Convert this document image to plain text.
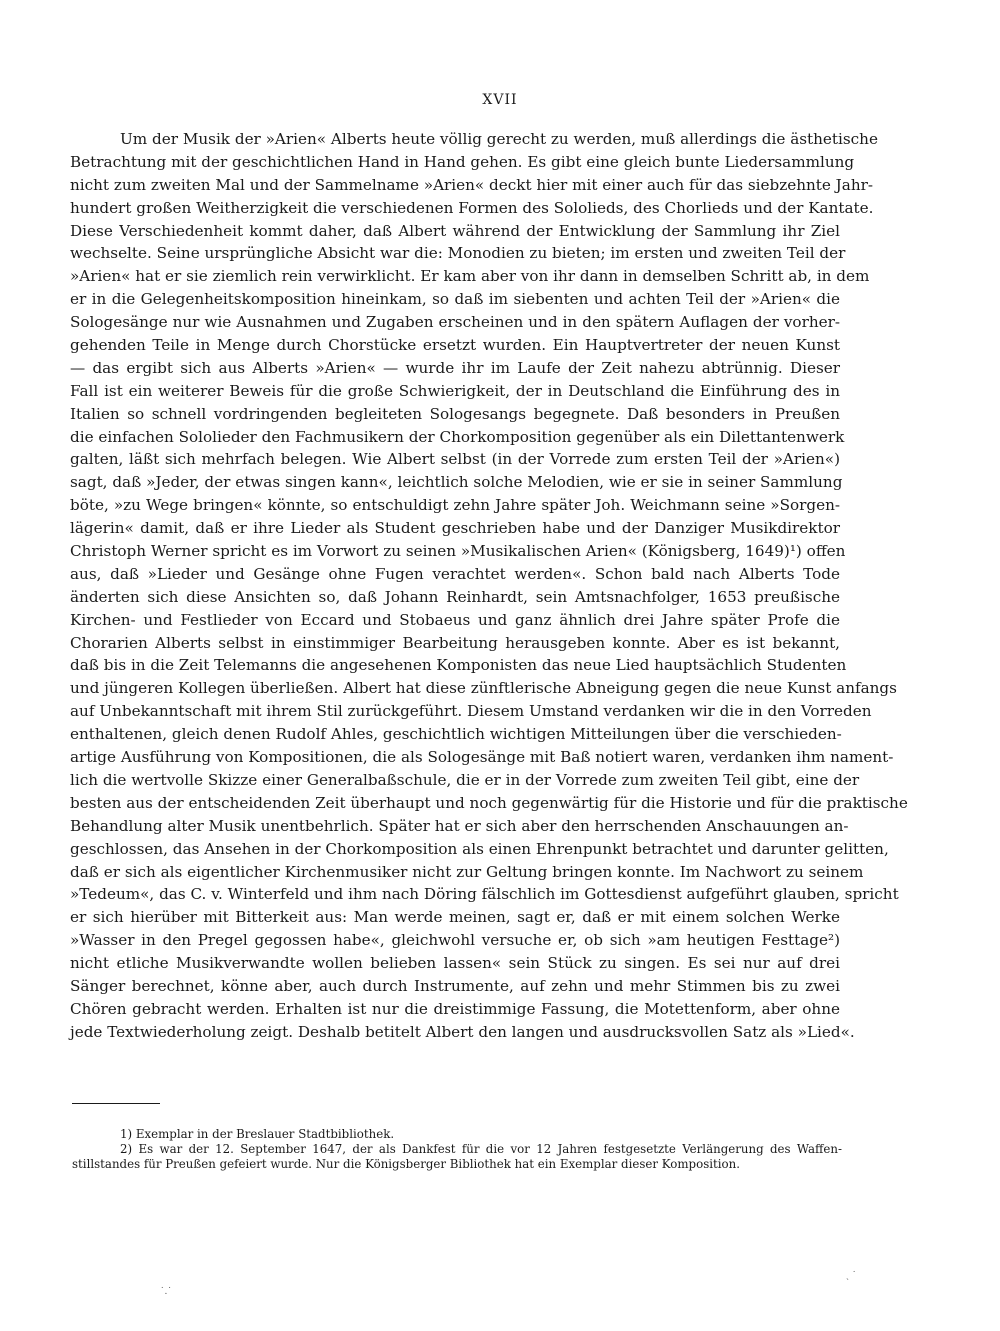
XVII
Um der Musik der »Arien« Alberts heute völlig gerecht zu werden, muß allerdings die ästhetische
Betrachtung mit der geschichtlichen Hand in Hand gehen. Es gibt eine gleich bunte Liedersammlung
nicht zum zweiten Mal und der Sammelname »Arien« deckt hier mit einer auch für das siebzehnte Jahr-
hundert großen Weitherzigkeit die verschiedenen Formen des Sololieds, des Chorlieds und der Kantate.
Diese Verschiedenheit kommt daher, daß Albert während der Entwicklung der Sammlung ihr Ziel
wechselte. Seine ursprüngliche Absicht war die: Monodien zu bieten; im ersten und zweiten Teil der
»Arien« hat er sie ziemlich rein verwirklicht. Er kam aber von ihr dann in demselben Schritt ab, in dem
er in die Gelegenheitskomposition hineinkam, so daß im siebenten und achten Teil der »Arien« die
Sologesänge nur wie Ausnahmen und Zugaben erscheinen und in den spätern Auflagen der vorher-
gehenden Teile in Menge durch Chorstücke ersetzt wurden. Ein Hauptvertreter der neuen Kunst
— das ergibt sich aus Alberts »Arien« — wurde ihr im Laufe der Zeit nahezu abtrünnig. Dieser
Fall ist ein weiterer Beweis für die große Schwierigkeit, der in Deutschland die Einführung des in
Italien so schnell vordringenden begleiteten Sologesangs begegnete. Daß besonders in Preußen
die einfachen Sololieder den Fachmusikern der Chorkomposition gegenüber als ein Dilettantenwerk
galten, läßt sich mehrfach belegen. Wie Albert selbst (in der Vorrede zum ersten Teil der »Arien«)
sagt, daß »Jeder, der etwas singen kann«, leichtlich solche Melodien, wie er sie in seiner Sammlung
böte, »zu Wege bringen« könnte, so entschuldigt zehn Jahre später Joh. Weichmann seine »Sorgen-
lägerin« damit, daß er ihre Lieder als Student geschrieben habe und der Danziger Musikdirektor
Christoph Werner spricht es im Vorwort zu seinen »Musikalischen Arien« (Königsberg, 1649)¹) offen
aus, daß »Lieder und Gesänge ohne Fugen verachtet werden«. Schon bald nach Alberts Tode
änderten sich diese Ansichten so, daß Johann Reinhardt, sein Amtsnachfolger, 1653 preußische
Kirchen- und Festlieder von Eccard und Stobaeus und ganz ähnlich drei Jahre später Profe die
Chorarien Alberts selbst in einstimmiger Bearbeitung herausgeben konnte. Aber es ist bekannt,
daß bis in die Zeit Telemanns die angesehenen Komponisten das neue Lied hauptsächlich Studenten
und jüngeren Kollegen überließen. Albert hat diese zünftlerische Abneigung gegen die neue Kunst anfangs
auf Unbekanntschaft mit ihrem Stil zurückgeführt. Diesem Umstand verdanken wir die in den Vorreden
enthaltenen, gleich denen Rudolf Ahles, geschichtlich wichtigen Mitteilungen über die verschieden-
artige Ausführung von Kompositionen, die als Sologesänge mit Baß notiert waren, verdanken ihm nament-
lich die wertvolle Skizze einer Generalbaßschule, die er in der Vorrede zum zweiten Teil gibt, eine der
besten aus der entscheidenden Zeit überhaupt und noch gegenwärtig für die Historie und für die praktische
Behandlung alter Musik unentbehrlich. Später hat er sich aber den herrschenden Anschauungen an-
geschlossen, das Ansehen in der Chorkomposition als einen Ehrenpunkt betrachtet und darunter gelitten,
daß er sich als eigentlicher Kirchenmusiker nicht zur Geltung bringen konnte. Im Nachwort zu seinem
»Tedeum«, das C. v. Winterfeld und ihm nach Döring fälschlich im Gottesdienst aufgeführt glauben, spricht
er sich hierüber mit Bitterkeit aus: Man werde meinen, sagt er, daß er mit einem solchen Werke
»Wasser in den Pregel gegossen habe«, gleichwohl versuche er, ob sich »am heutigen Festtage²)
nicht etliche Musikverwandte wollen belieben lassen« sein Stück zu singen. Es sei nur auf drei
Sänger berechnet, könne aber, auch durch Instrumente, auf zehn und mehr Stimmen bis zu zwei
Chören gebracht werden. Erhalten ist nur die dreistimmige Fassung, die Motettenform, aber ohne
jede Textwiederholung zeigt. Deshalb betitelt Albert den langen und ausdrucksvollen Satz als »Lied«.
1) Exemplar in der Breslauer Stadtbibliothek.
2) Es war der 12. September 1647, der als Dankfest für die vor 12 Jahren festgesetzte Verlängerung des Waffen-
stillstandes für Preußen gefeiert wurde. Nur die Königsberger Bibliothek hat ein Exemplar dieser Komposition.
˙.˙
ˎ ˙
